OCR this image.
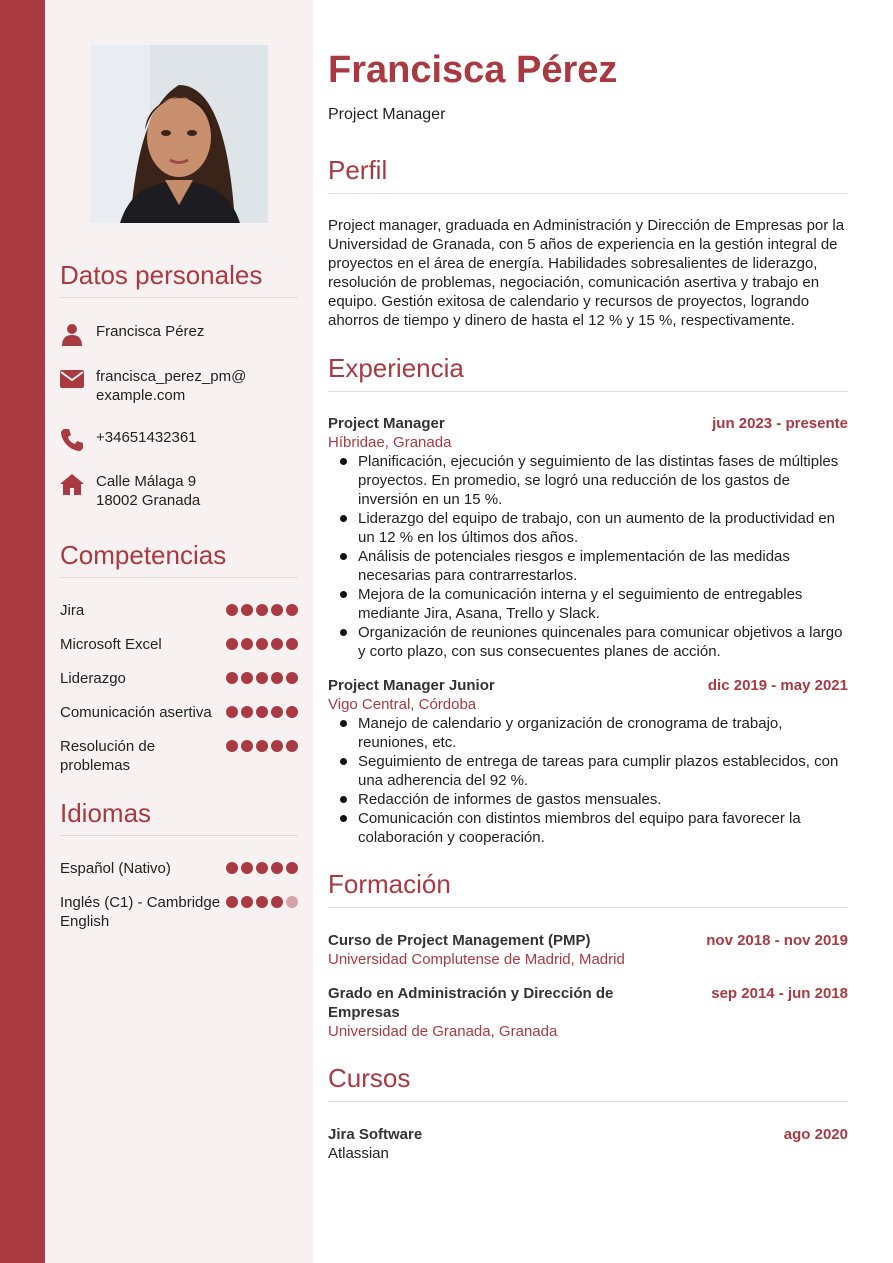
Datos personales
Francisca Pérez
francisca_perez_pm@
example.com
+34651432361
Calle Málaga 9
18002 Granada
Competencias
Jira
Microsoft Excel
Liderazgo
Comunicación asertiva
Resolución de problemas
Idiomas
Español (Nativo)
Inglés (C1) - Cambridge English
Francisca Pérez
Project Manager
Perfil
Project manager, graduada en Administración y Dirección de Empresas por la Universidad de Granada, con 5 años de experiencia en la gestión integral de proyectos en el área de energía. Habilidades sobresalientes de liderazgo, resolución de problemas, negociación, comunicación asertiva y trabajo en equipo. Gestión exitosa de calendario y recursos de proyectos, logrando ahorros de tiempo y dinero de hasta el 12 % y 15 %, respectivamente.
Experiencia
Project Manager	jun 2023 - presente
Híbridae, Granada
Planificación, ejecución y seguimiento de las distintas fases de múltiples proyectos. En promedio, se logró una reducción de los gastos de inversión en un 15 %.
Liderazgo del equipo de trabajo, con un aumento de la productividad en un 12 % en los últimos dos años.
Análisis de potenciales riesgos e implementación de las medidas necesarias para contrarrestarlos.
Mejora de la comunicación interna y el seguimiento de entregables mediante Jira, Asana, Trello y Slack.
Organización de reuniones quincenales para comunicar objetivos a largo y corto plazo, con sus consecuentes planes de acción.
Project Manager Junior	dic 2019 - may 2021
Vigo Central, Córdoba
Manejo de calendario y organización de cronograma de trabajo, reuniones, etc.
Seguimiento de entrega de tareas para cumplir plazos establecidos, con una adherencia del 92 %.
Redacción de informes de gastos mensuales.
Comunicación con distintos miembros del equipo para favorecer la colaboración y cooperación.
Formación
Curso de Project Management (PMP)	nov 2018 - nov 2019
Universidad Complutense de Madrid, Madrid
Grado en Administración y Dirección de Empresas
sep 2014 - jun 2018
Universidad de Granada, Granada
Cursos
Jira Software	ago 2020
Atlassian
